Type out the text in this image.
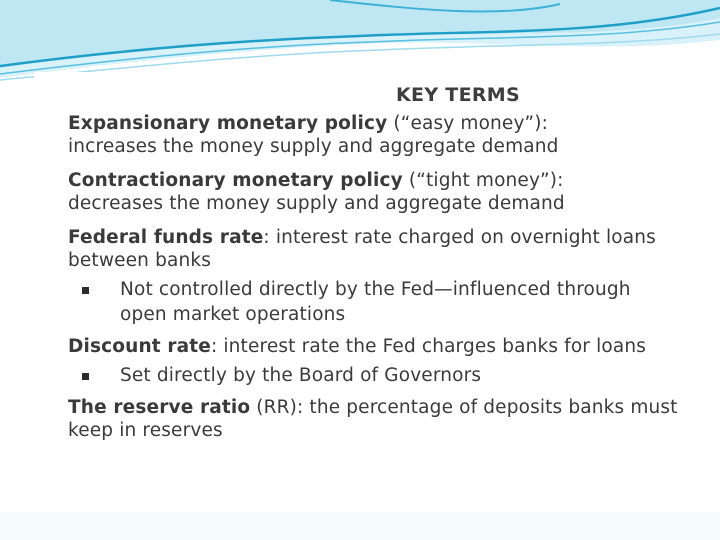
KEY TERMS
Expansionary monetary policy (“easy money”):
increases the money supply and aggregate demand
Contractionary monetary policy (“tight money”):
decreases the money supply and aggregate demand
Federal funds rate: interest rate charged on overnight loans between banks
Not controlled directly by the Fed—influenced through open market operations
Discount rate: interest rate the Fed charges banks for loans
Set directly by the Board of Governors
The reserve ratio (RR): the percentage of deposits banks must keep in reserves
